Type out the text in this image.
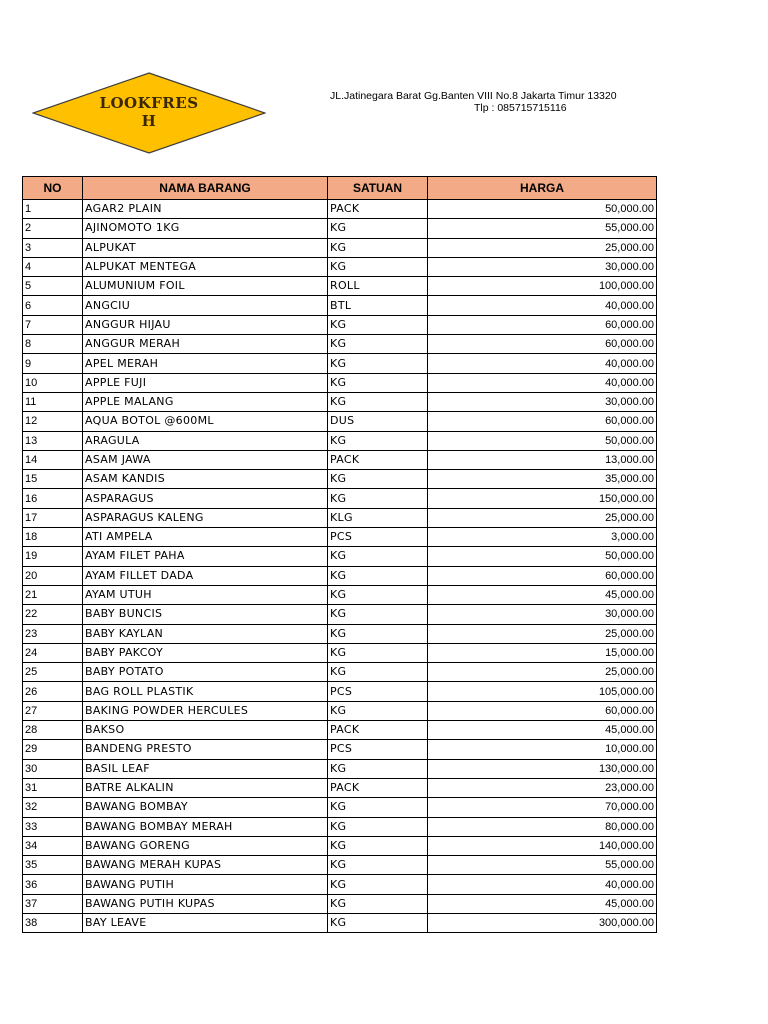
LOOKFRES
H
JL.Jatinegara Barat Gg.Banten VIII No.8 Jakarta Timur 13320
Tlp : 085715715116
NO	NAMA BARANG	SATUAN	HARGA
1	AGAR2 PLAIN	PACK	50,000.00
2	AJINOMOTO 1KG	KG	55,000.00
3	ALPUKAT	KG	25,000.00
4	ALPUKAT MENTEGA	KG	30,000.00
5	ALUMUNIUM FOIL	ROLL	100,000.00
6	ANGCIU	BTL	40,000.00
7	ANGGUR HIJAU	KG	60,000.00
8	ANGGUR MERAH	KG	60,000.00
9	APEL MERAH	KG	40,000.00
10	APPLE FUJI	KG	40,000.00
11	APPLE MALANG	KG	30,000.00
12	AQUA BOTOL @600ML	DUS	60,000.00
13	ARAGULA	KG	50,000.00
14	ASAM JAWA	PACK	13,000.00
15	ASAM KANDIS	KG	35,000.00
16	ASPARAGUS	KG	150,000.00
17	ASPARAGUS KALENG	KLG	25,000.00
18	ATI AMPELA	PCS	3,000.00
19	AYAM FILET PAHA	KG	50,000.00
20	AYAM FILLET DADA	KG	60,000.00
21	AYAM UTUH	KG	45,000.00
22	BABY BUNCIS	KG	30,000.00
23	BABY KAYLAN	KG	25,000.00
24	BABY PAKCOY	KG	15,000.00
25	BABY POTATO	KG	25,000.00
26	BAG ROLL PLASTIK	PCS	105,000.00
27	BAKING POWDER HERCULES	KG	60,000.00
28	BAKSO	PACK	45,000.00
29	BANDENG PRESTO	PCS	10,000.00
30	BASIL LEAF	KG	130,000.00
31	BATRE ALKALIN	PACK	23,000.00
32	BAWANG BOMBAY	KG	70,000.00
33	BAWANG BOMBAY MERAH	KG	80,000.00
34	BAWANG GORENG	KG	140,000.00
35	BAWANG MERAH KUPAS	KG	55,000.00
36	BAWANG PUTIH	KG	40,000.00
37	BAWANG PUTIH KUPAS	KG	45,000.00
38	BAY LEAVE	KG	300,000.00
